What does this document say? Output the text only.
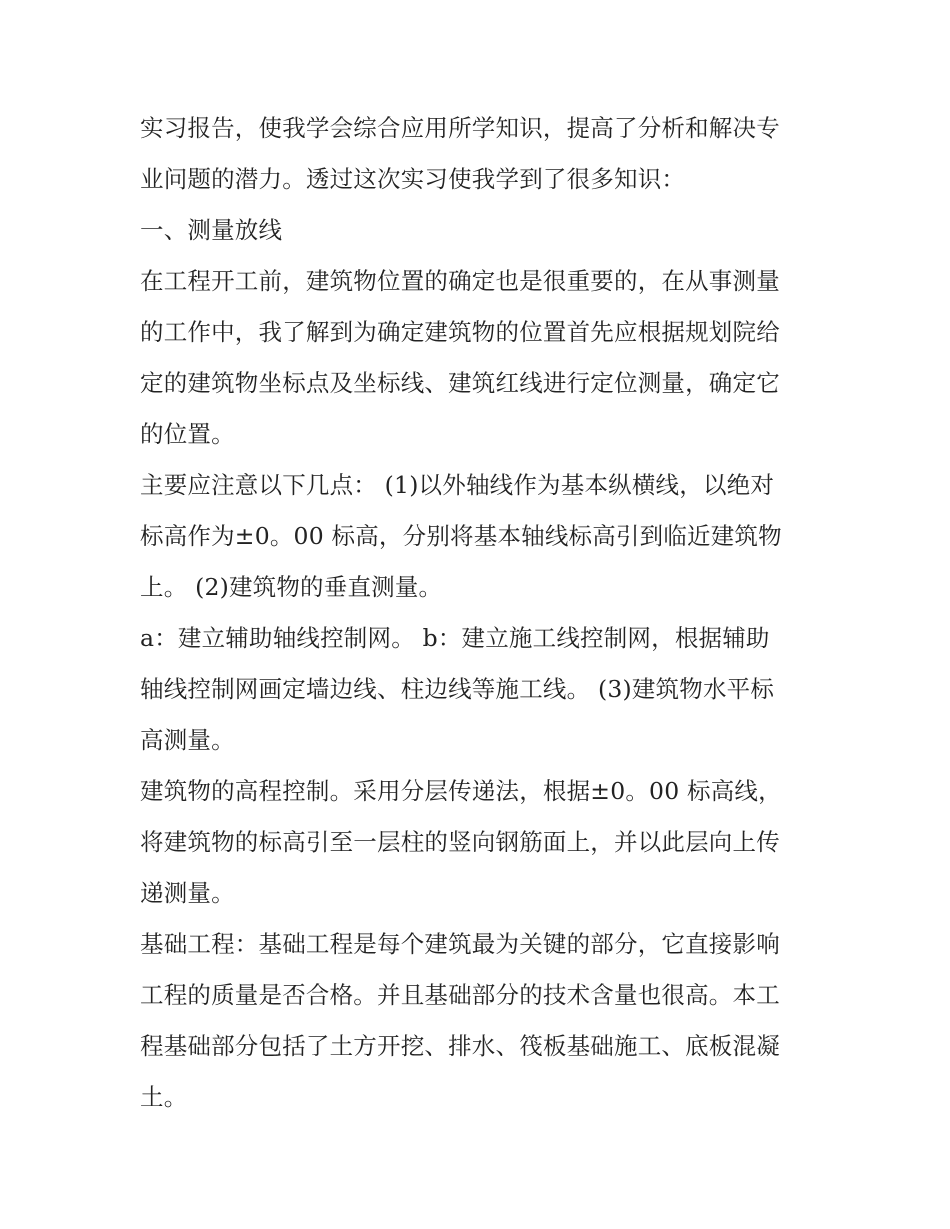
实习报告，使我学会综合应用所学知识，提高了分析和解决专
业问题的潜力。透过这次实习使我学到了很多知识：
一、测量放线
在工程开工前，建筑物位置的确定也是很重要的，在从事测量
的工作中，我了解到为确定建筑物的位置首先应根据规划院给
定的建筑物坐标点及坐标线、建筑红线进行定位测量，确定它
的位置。
主要应注意以下几点： (1)以外轴线作为基本纵横线，以绝对
标高作为±0。00 标高，分别将基本轴线标高引到临近建筑物
上。 (2)建筑物的垂直测量。
a：建立辅助轴线控制网。 b：建立施工线控制网，根据辅助
轴线控制网画定墙边线、柱边线等施工线。 (3)建筑物水平标
高测量。
建筑物的高程控制。采用分层传递法，根据±0。00 标高线，
将建筑物的标高引至一层柱的竖向钢筋面上，并以此层向上传
递测量。
基础工程：基础工程是每个建筑最为关键的部分，它直接影响
工程的质量是否合格。并且基础部分的技术含量也很高。本工
程基础部分包括了土方开挖、排水、筏板基础施工、底板混凝
土。
